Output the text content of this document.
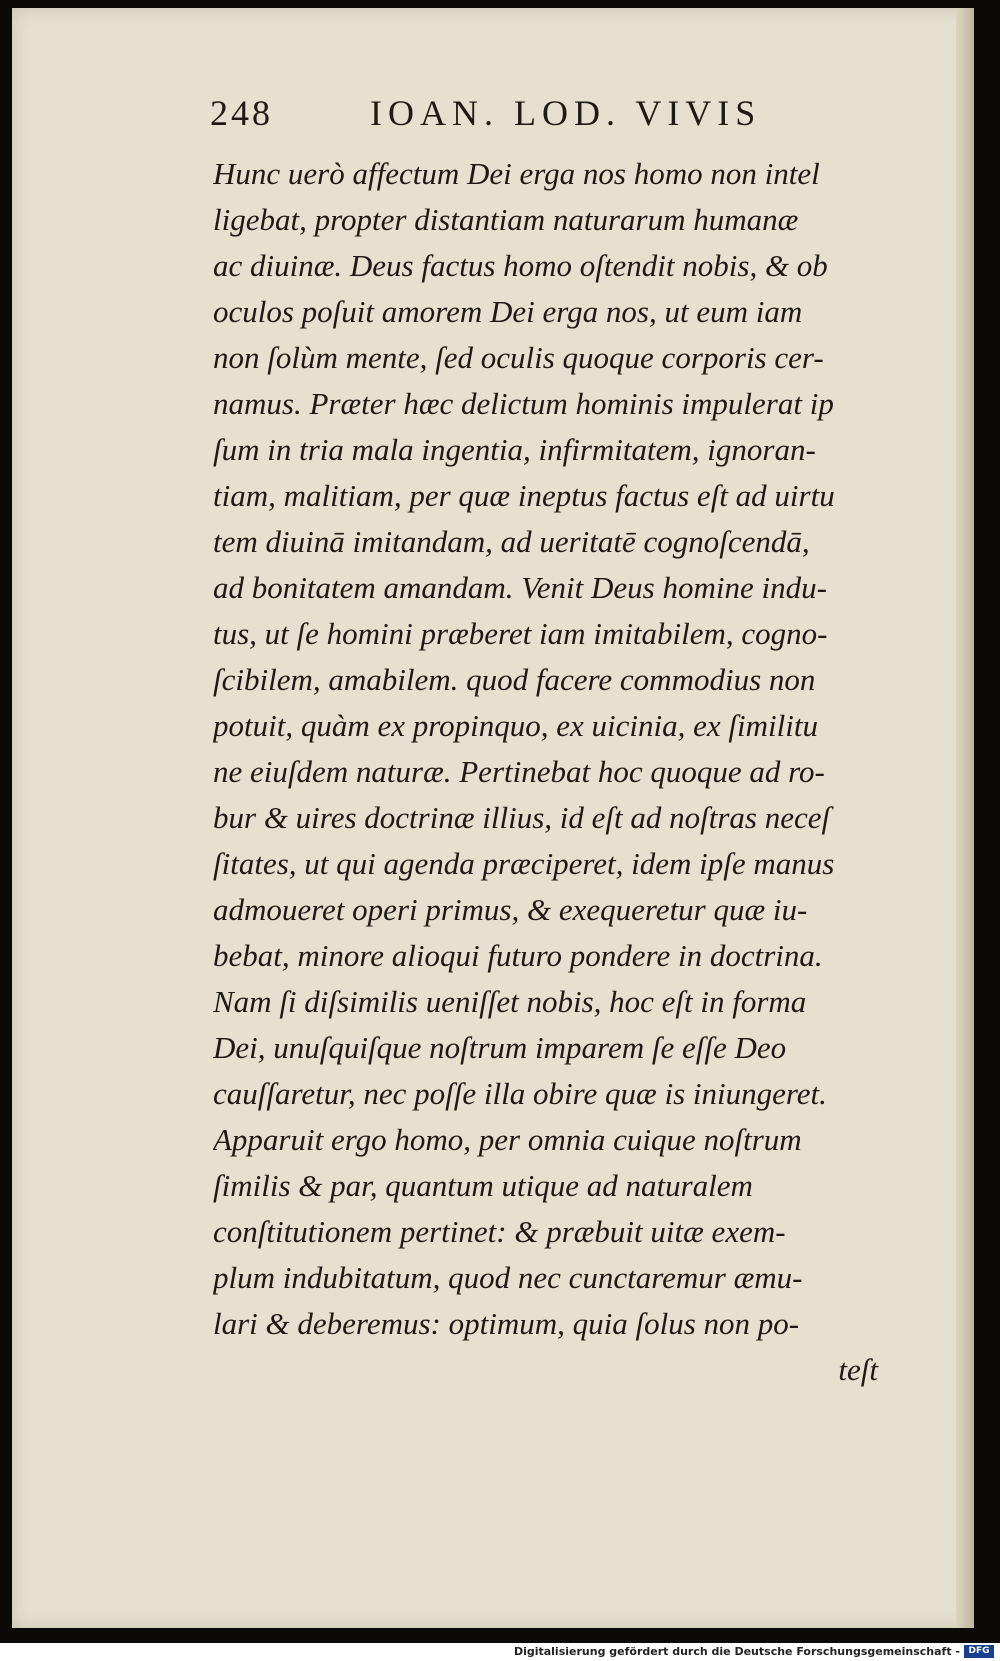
248	IOAN. LOD. VIVIS
Hunc uerò affectum Dei erga nos homo non intel
ligebat, propter distantiam naturarum humanæ
ac diuinæ. Deus factus homo oſtendit nobis, & ob
oculos poſuit amorem Dei erga nos, ut eum iam
non ſolùm mente, ſed oculis quoque corporis cer-
namus. Præter hæc delictum hominis impulerat ip
ſum in tria mala ingentia, infirmitatem, ignoran-
tiam, malitiam, per quæ ineptus factus eſt ad uirtu
tem diuinā imitandam, ad ueritatē cognoſcendā,
ad bonitatem amandam. Venit Deus homine indu-
tus, ut ſe homini præberet iam imitabilem, cogno-
ſcibilem, amabilem. quod facere commodius non
potuit, quàm ex propinquo, ex uicinia, ex ſimilitu
ne eiuſdem naturæ. Pertinebat hoc quoque ad ro-
bur & uires doctrinæ illius, id eſt ad noſtras neceſ
ſitates, ut qui agenda præciperet, idem ipſe manus
admoueret operi primus, & exequeretur quæ iu-
bebat, minore alioqui futuro pondere in doctrina.
Nam ſi diſsimilis ueniſſet nobis, hoc eſt in forma
Dei, unuſquiſque noſtrum imparem ſe eſſe Deo
cauſſaretur, nec poſſe illa obire quæ is iniungeret.
Apparuit ergo homo, per omnia cuique noſtrum
ſimilis & par, quantum utique ad naturalem
conſtitutionem pertinet: & præbuit uitæ exem-
plum indubitatum, quod nec cunctaremur æmu-
lari & deberemus: optimum, quia ſolus non po-
teſt
Digitalisierung gefördert durch die Deutsche Forschungsgemeinschaft - DFG
